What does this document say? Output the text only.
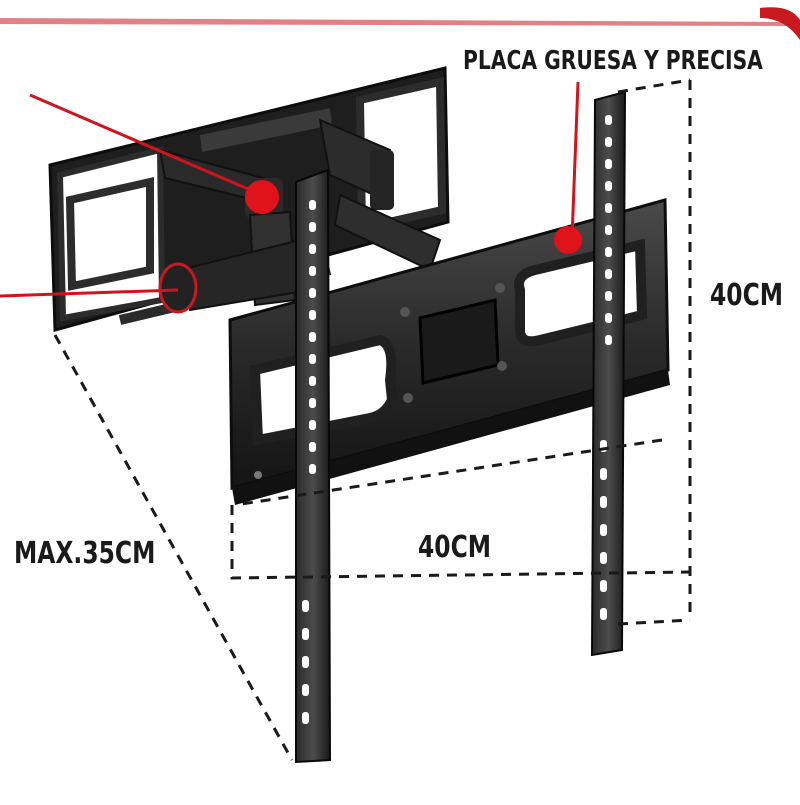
PLACA GRUESA Y PRECISA
40CM
40CM
MAX.35CM
